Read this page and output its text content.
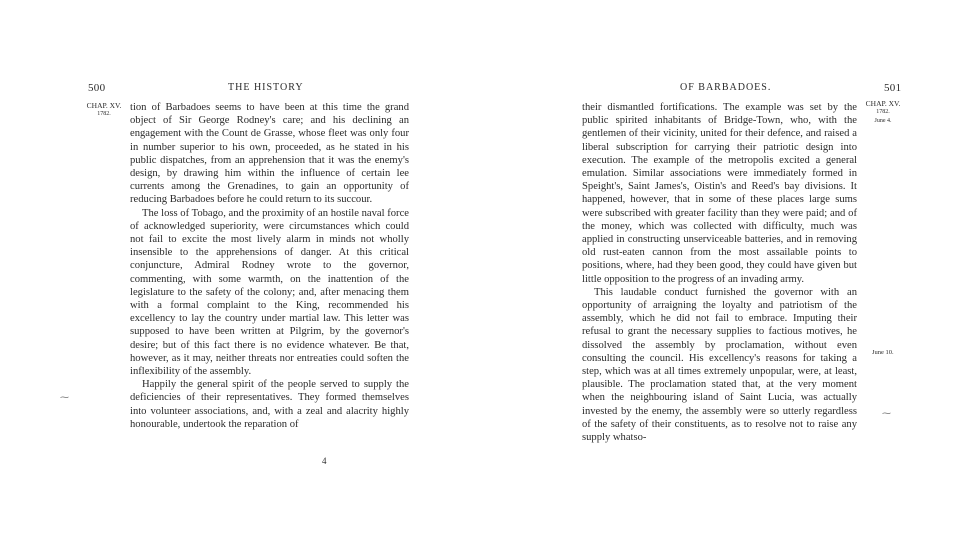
500	THE HISTORY
CHAP. XV.
1782.

tion of Barbadoes seems to have been at this time the grand object of Sir George Rodney's care; and his declining an engagement with the Count de Grasse, whose fleet was only four in number superior to his own, proceeded, as he stated in his public dispatches, from an apprehension that it was the enemy's design, by drawing him within the influence of certain lee currents among the Grenadines, to gain an opportunity of reducing Barbadoes before he could return to its succour.

The loss of Tobago, and the proximity of an hostile naval force of acknowledged superiority, were circumstances which could not fail to excite the most lively alarm in minds not wholly insensible to the apprehensions of danger. At this critical conjuncture, Admiral Rodney wrote to the governor, commenting, with some warmth, on the inattention of the legislature to the safety of the colony; and, after menacing them with a formal complaint to the King, recommended his excellency to lay the country under martial law. This letter was supposed to have been written at Pilgrim, by the governor's desire; but of this fact there is no evidence whatever. Be that, however, as it may, neither threats nor entreaties could soften the inflexibility of the assembly.

Happily the general spirit of the people served to supply the deficiencies of their representatives. They formed themselves into volunteer associations, and, with a zeal and alacrity highly honourable, undertook the reparation of

4
⁓
OF BARBADOES.	501

their dismantled fortifications. The example was set by the public spirited inhabitants of Bridge-Town, who, with the gentlemen of their vicinity, united for their defence, and raised a liberal subscription for carrying their patriotic design into execution. The example of the metropolis excited a general emulation. Similar associations were immediately formed in Speight's, Saint James's, Oistin's and Reed's bay divisions. It happened, however, that in some of these places large sums were subscribed with greater facility than they were paid; and of the money, which was collected with difficulty, much was applied in constructing unserviceable batteries, and in removing old rust-eaten cannon from the most assailable points to positions, where, had they been good, they could have given but little opposition to the progress of an invading army.

This laudable conduct furnished the governor with an opportunity of arraigning the loyalty and patriotism of the assembly, which he did not fail to embrace. Imputing their refusal to grant the necessary supplies to factious motives, he dissolved the assembly by proclamation, without even consulting the council. His excellency's reasons for taking a step, which was at all times extremely unpopular, were, at least, plausible. The proclamation stated that, at the very moment when the neighbouring island of Saint Lucia, was actually invested by the enemy, the assembly were so utterly regardless of the safety of their constituents, as to resolve not to raise any supply whatso-

CHAP. XV.
1782.
June 4.
June 10.
⁓
